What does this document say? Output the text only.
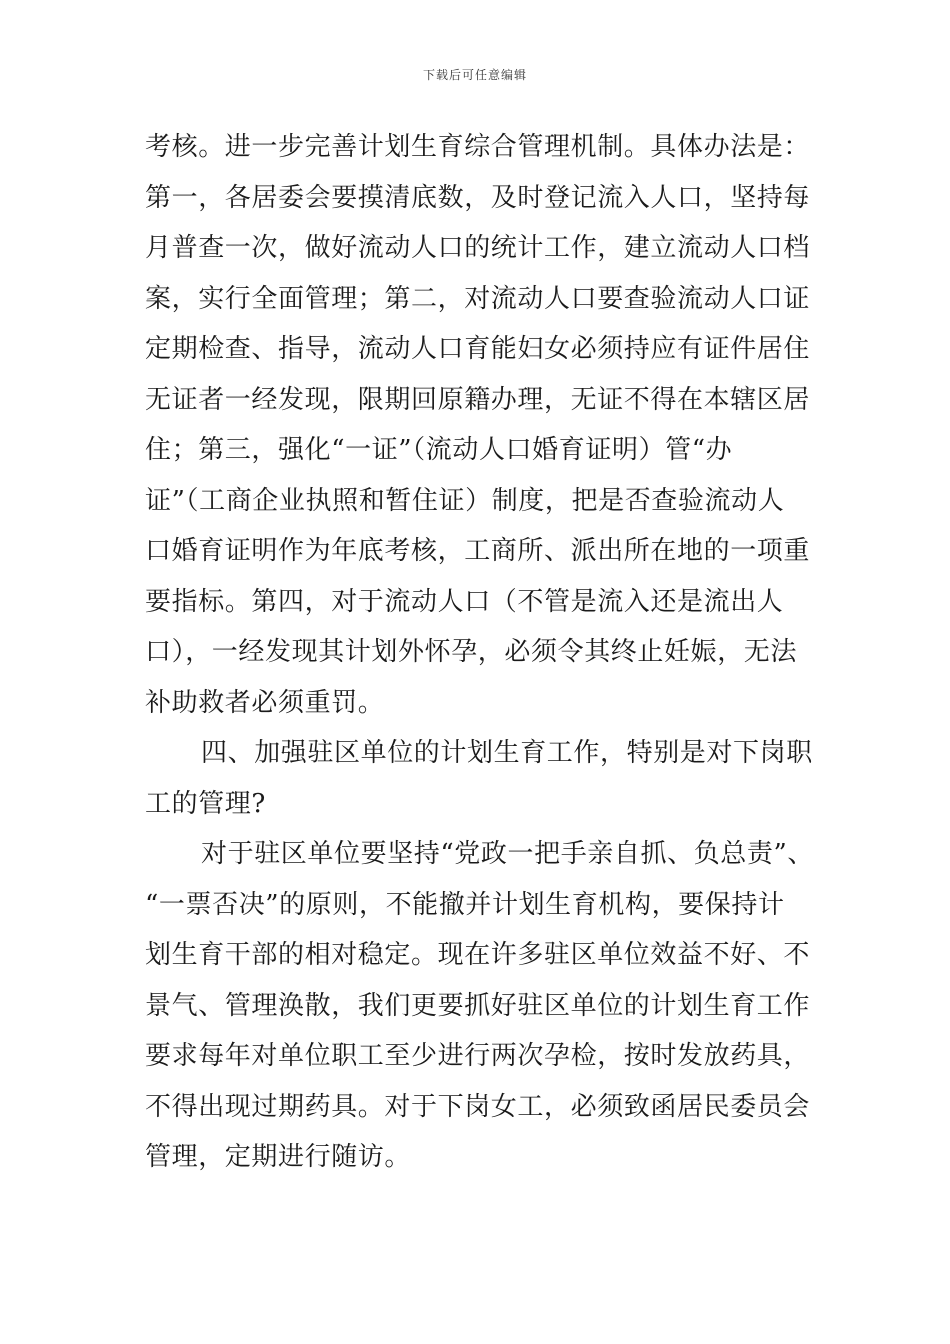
下载后可任意编辑
考核。进一步完善计划生育综合管理机制。具体办法是：
第一，各居委会要摸清底数，及时登记流入人口，坚持每
月普查一次，做好流动人口的统计工作，建立流动人口档
案，实行全面管理；第二，对流动人口要查验流动人口证
定期检查、指导，流动人口育能妇女必须持应有证件居住
无证者一经发现，限期回原籍办理，无证不得在本辖区居
住；第三，强化“一证”（流动人口婚育证明）管“办
证”（工商企业执照和暂住证）制度，把是否查验流动人
口婚育证明作为年底考核，工商所、派出所在地的一项重
要指标。第四，对于流动人口（不管是流入还是流出人
口），一经发现其计划外怀孕，必须令其终止妊娠，无法
补助救者必须重罚。
四、加强驻区单位的计划生育工作，特别是对下岗职
工的管理?
对于驻区单位要坚持“党政一把手亲自抓、负总责”、
“一票否决”的原则，不能撤并计划生育机构，要保持计
划生育干部的相对稳定。现在许多驻区单位效益不好、不
景气、管理涣散，我们更要抓好驻区单位的计划生育工作
要求每年对单位职工至少进行两次孕检，按时发放药具，
不得出现过期药具。对于下岗女工，必须致函居民委员会
管理，定期进行随访。
